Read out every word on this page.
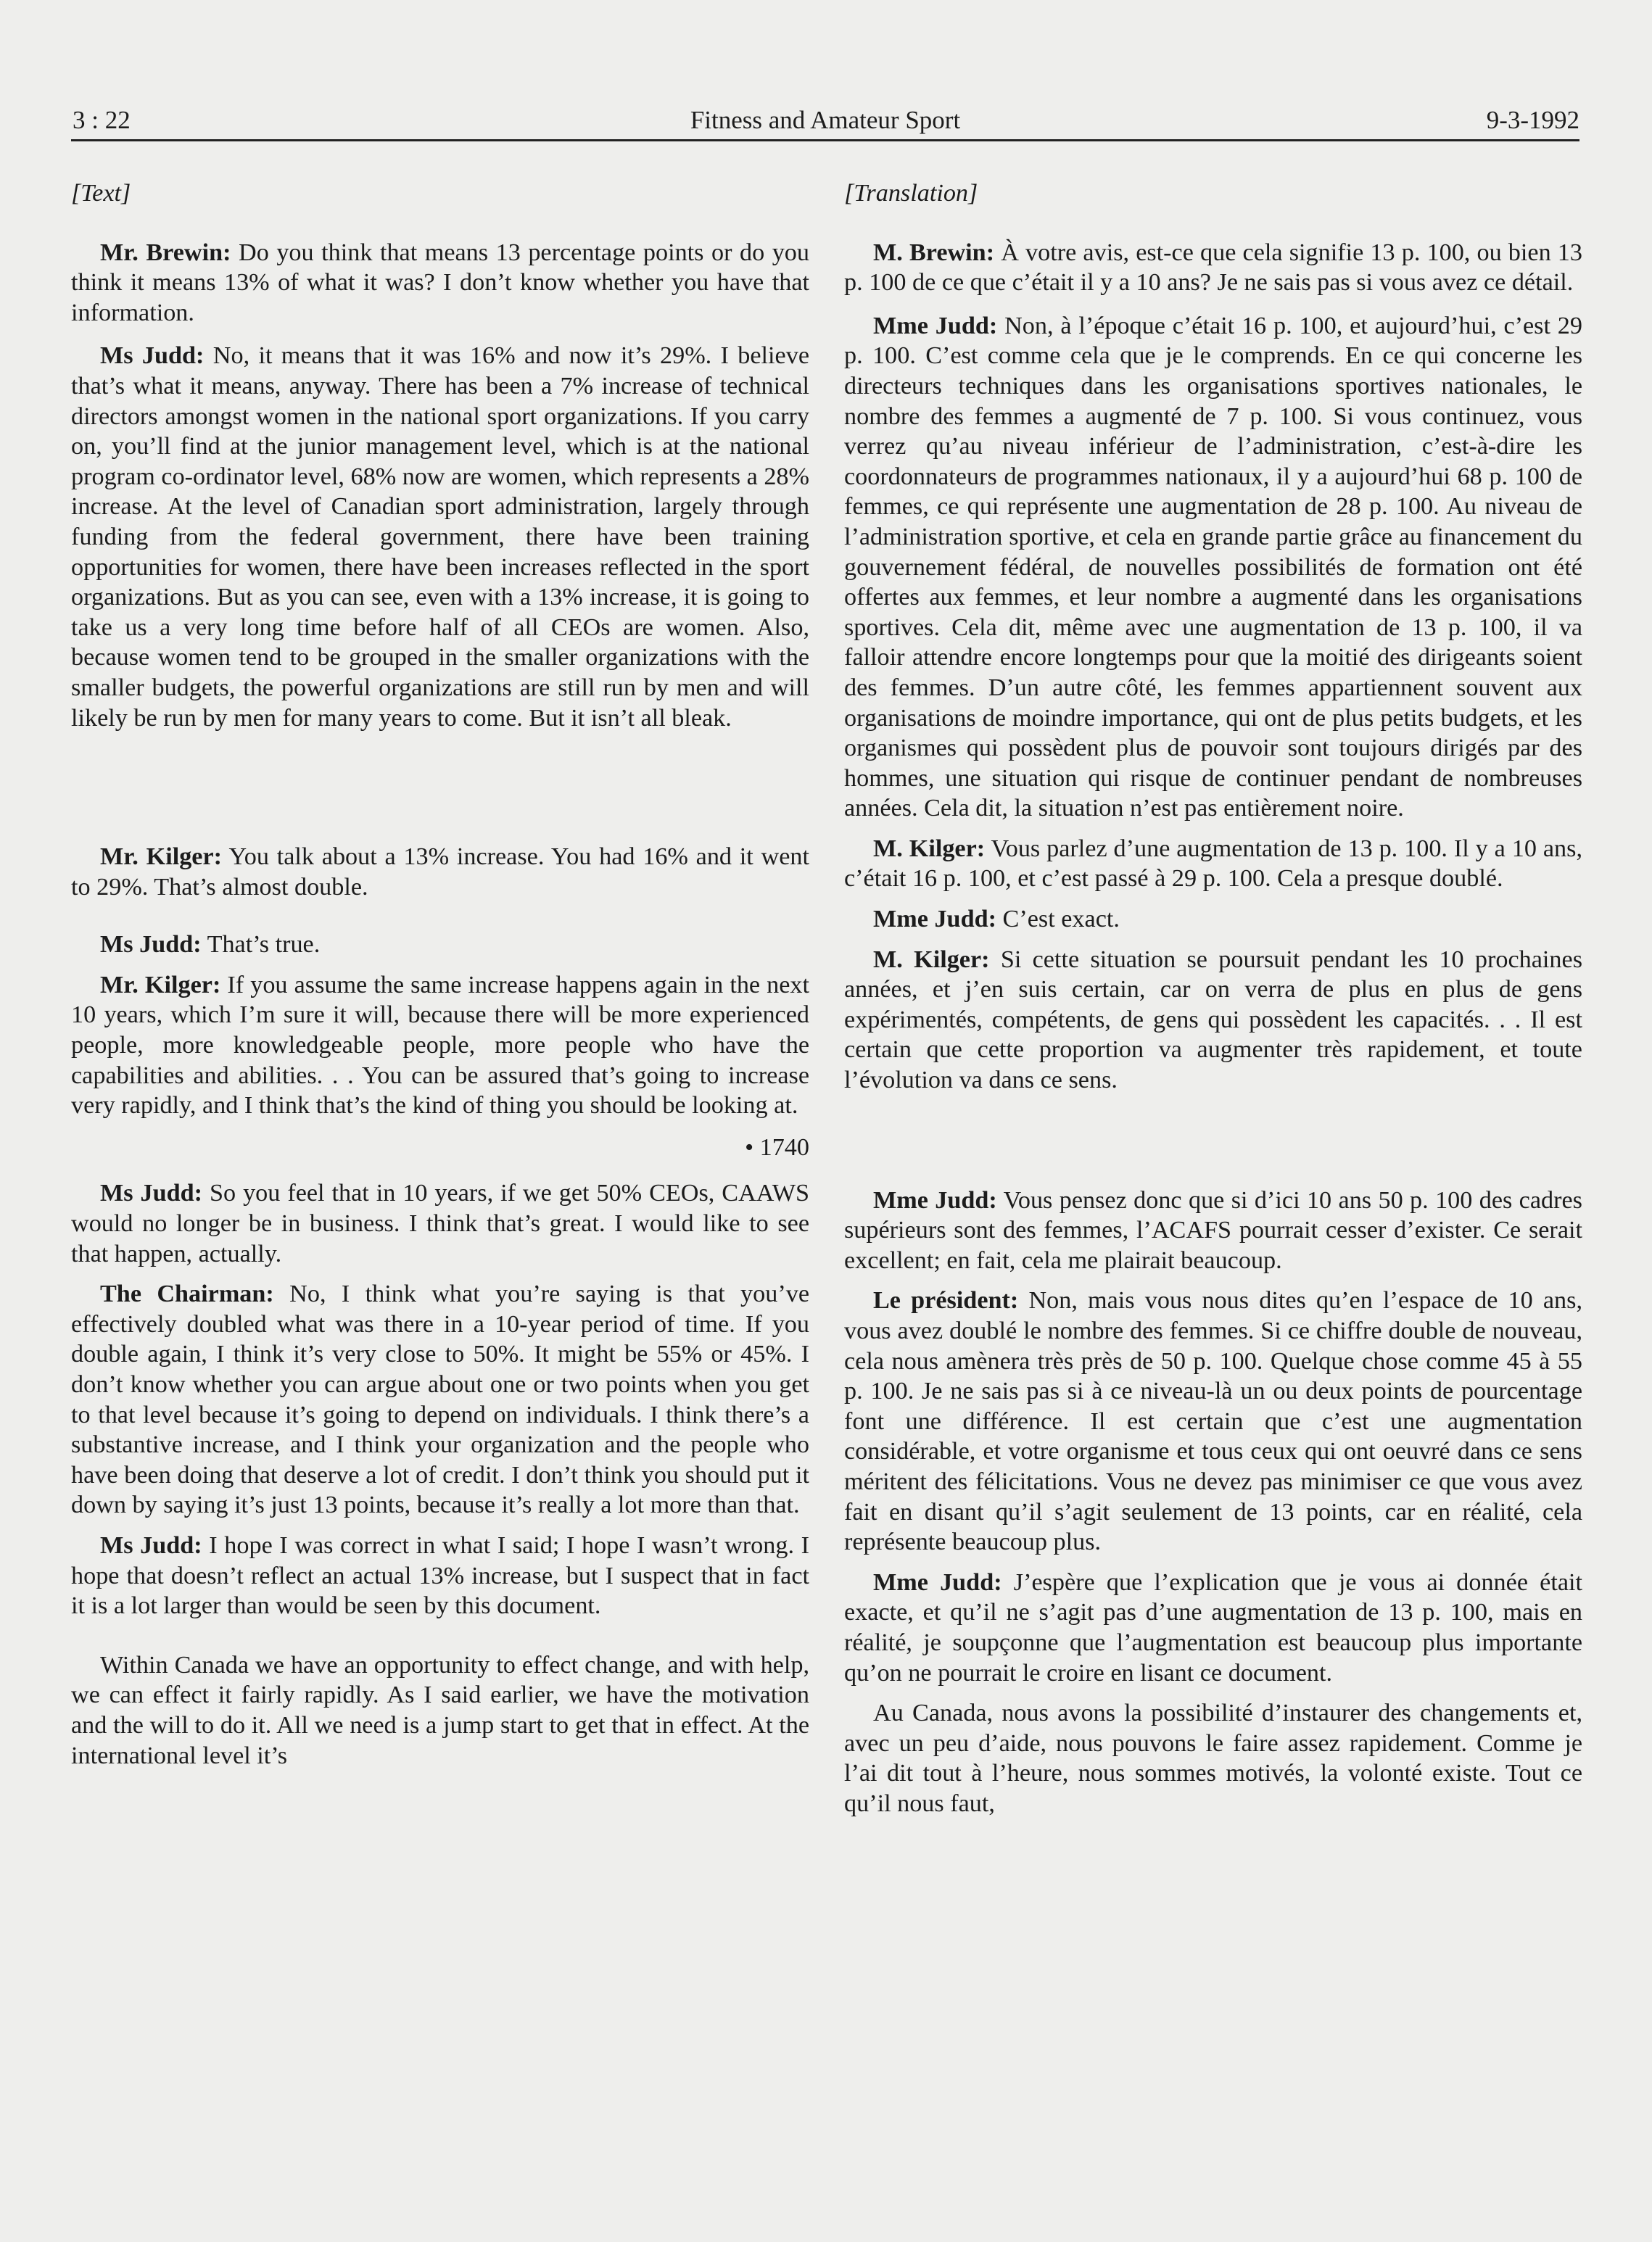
3 : 22	Fitness and Amateur Sport	9-3-1992

[Text]

Mr. Brewin: Do you think that means 13 percentage points or do you think it means 13% of what it was? I don’t know whether you have that information.

Ms Judd: No, it means that it was 16% and now it’s 29%. I believe that’s what it means, anyway. There has been a 7% increase of technical directors amongst women in the national sport organizations. If you carry on, you’ll find at the junior management level, which is at the national program co-ordinator level, 68% now are women, which represents a 28% increase. At the level of Canadian sport administration, largely through funding from the federal government, there have been training opportunities for women, there have been increases reflected in the sport organizations. But as you can see, even with a 13% increase, it is going to take us a very long time before half of all CEOs are women. Also, because women tend to be grouped in the smaller organizations with the smaller budgets, the powerful organizations are still run by men and will likely be run by men for many years to come. But it isn’t all bleak.

Mr. Kilger: You talk about a 13% increase. You had 16% and it went to 29%. That’s almost double.

Ms Judd: That’s true.

Mr. Kilger: If you assume the same increase happens again in the next 10 years, which I’m sure it will, because there will be more experienced people, more knowledgeable people, more people who have the capabilities and abilities. . . You can be assured that’s going to increase very rapidly, and I think that’s the kind of thing you should be looking at.

• 1740

Ms Judd: So you feel that in 10 years, if we get 50% CEOs, CAAWS would no longer be in business. I think that’s great. I would like to see that happen, actually.

The Chairman: No, I think what you’re saying is that you’ve effectively doubled what was there in a 10-year period of time. If you double again, I think it’s very close to 50%. It might be 55% or 45%. I don’t know whether you can argue about one or two points when you get to that level because it’s going to depend on individuals. I think there’s a substantive increase, and I think your organization and the people who have been doing that deserve a lot of credit. I don’t think you should put it down by saying it’s just 13 points, because it’s really a lot more than that.

Ms Judd: I hope I was correct in what I said; I hope I wasn’t wrong. I hope that doesn’t reflect an actual 13% increase, but I suspect that in fact it is a lot larger than would be seen by this document.

Within Canada we have an opportunity to effect change, and with help, we can effect it fairly rapidly. As I said earlier, we have the motivation and the will to do it. All we need is a jump start to get that in effect. At the international level it’s

[Translation]

M. Brewin: À votre avis, est-ce que cela signifie 13 p. 100, ou bien 13 p. 100 de ce que c’était il y a 10 ans? Je ne sais pas si vous avez ce détail.

Mme Judd: Non, à l’époque c’était 16 p. 100, et aujourd’hui, c’est 29 p. 100. C’est comme cela que je le comprends. En ce qui concerne les directeurs techniques dans les organisations sportives nationales, le nombre des femmes a augmenté de 7 p. 100. Si vous continuez, vous verrez qu’au niveau inférieur de l’administration, c’est-à-dire les coordonnateurs de programmes nationaux, il y a aujourd’hui 68 p. 100 de femmes, ce qui représente une augmentation de 28 p. 100. Au niveau de l’administration sportive, et cela en grande partie grâce au financement du gouvernement fédéral, de nouvelles possibilités de formation ont été offertes aux femmes, et leur nombre a augmenté dans les organisations sportives. Cela dit, même avec une augmentation de 13 p. 100, il va falloir attendre encore longtemps pour que la moitié des dirigeants soient des femmes. D’un autre côté, les femmes appartiennent souvent aux organisations de moindre importance, qui ont de plus petits budgets, et les organismes qui possèdent plus de pouvoir sont toujours dirigés par des hommes, une situation qui risque de continuer pendant de nombreuses années. Cela dit, la situation n’est pas entièrement noire.

M. Kilger: Vous parlez d’une augmentation de 13 p. 100. Il y a 10 ans, c’était 16 p. 100, et c’est passé à 29 p. 100. Cela a presque doublé.

Mme Judd: C’est exact.

M. Kilger: Si cette situation se poursuit pendant les 10 prochaines années, et j’en suis certain, car on verra de plus en plus de gens expérimentés, compétents, de gens qui possèdent les capacités. . . Il est certain que cette proportion va augmenter très rapidement, et toute l’évolution va dans ce sens.

Mme Judd: Vous pensez donc que si d’ici 10 ans 50 p. 100 des cadres supérieurs sont des femmes, l’ACAFS pourrait cesser d’exister. Ce serait excellent; en fait, cela me plairait beaucoup.

Le président: Non, mais vous nous dites qu’en l’espace de 10 ans, vous avez doublé le nombre des femmes. Si ce chiffre double de nouveau, cela nous amènera très près de 50 p. 100. Quelque chose comme 45 à 55 p. 100. Je ne sais pas si à ce niveau-là un ou deux points de pourcentage font une différence. Il est certain que c’est une augmentation considérable, et votre organisme et tous ceux qui ont oeuvré dans ce sens méritent des félicitations. Vous ne devez pas minimiser ce que vous avez fait en disant qu’il s’agit seulement de 13 points, car en réalité, cela représente beaucoup plus.

Mme Judd: J’espère que l’explication que je vous ai donnée était exacte, et qu’il ne s’agit pas d’une augmentation de 13 p. 100, mais en réalité, je soupçonne que l’augmentation est beaucoup plus importante qu’on ne pourrait le croire en lisant ce document.

Au Canada, nous avons la possibilité d’instaurer des changements et, avec un peu d’aide, nous pouvons le faire assez rapidement. Comme je l’ai dit tout à l’heure, nous sommes motivés, la volonté existe. Tout ce qu’il nous faut,
